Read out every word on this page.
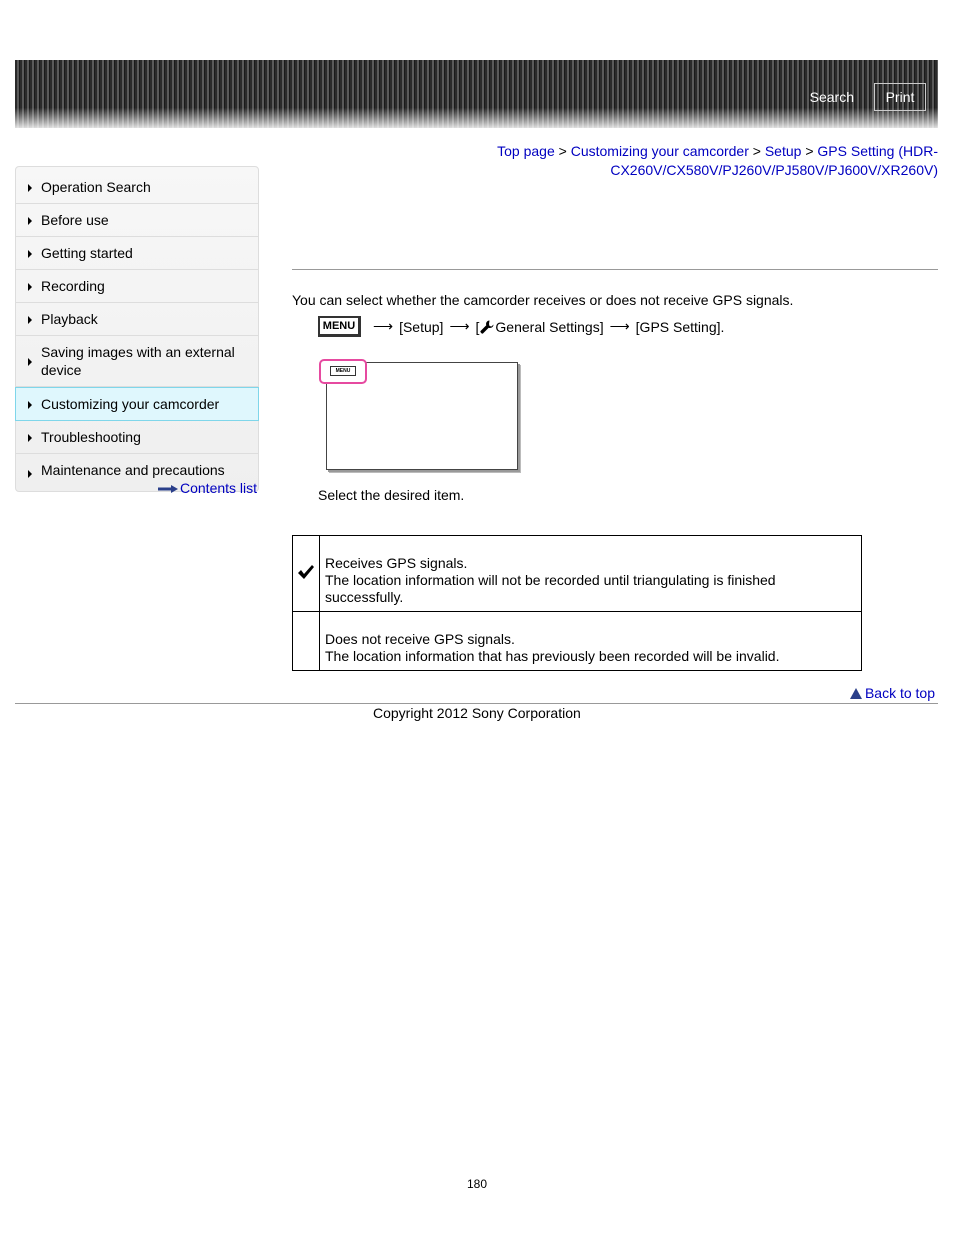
Search	Print
Top page > Customizing your camcorder > Setup > GPS Setting (HDR-CX260V/CX580V/PJ260V/PJ580V/PJ600V/XR260V)
Operation Search
Before use
Getting started
Recording
Playback
Saving images with an external device
Customizing your camcorder
Troubleshooting
Maintenance and precautions
Contents list
You can select whether the camcorder receives or does not receive GPS signals.
MENU	⟶ [Setup] ⟶ [ General Settings] ⟶ [GPS Setting].
MENU
Select the desired item.

Receives GPS signals.
The location information will not be recorded until triangulating is finished successfully.

	Does not receive GPS signals.
The location information that has previously been recorded will be invalid.
Back to top
Copyright 2012 Sony Corporation
180
